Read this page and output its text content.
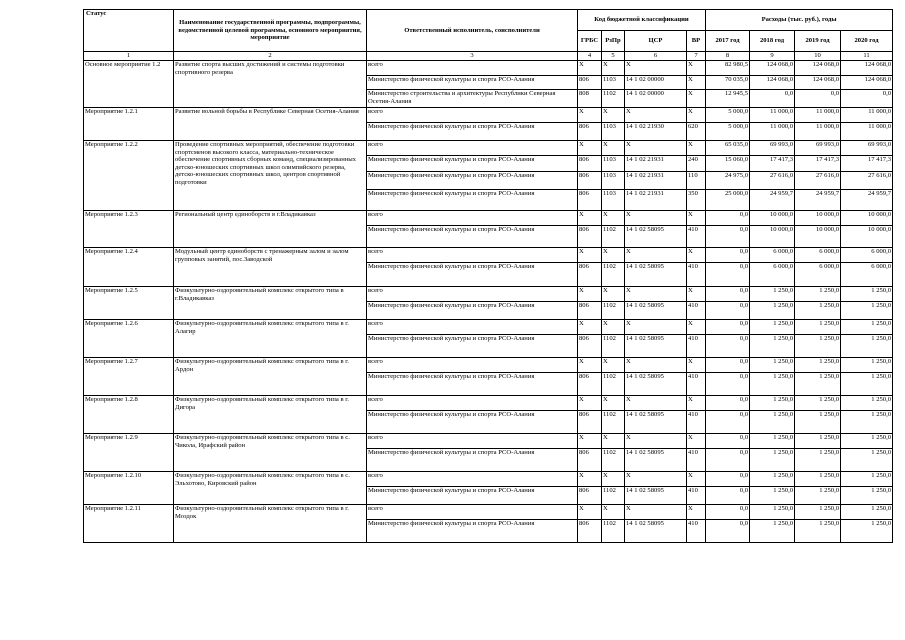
Статус	Наименование государственной программы, подпрограммы, ведомственной целевой программы, основного мероприятия, мероприятие	Ответственный исполнитель, соисполнители	Код бюджетной классификации				Расходы (тыс. руб.), годы			
			ГРБС	РзПр	ЦСР	ВР	2017 год	2018 год	2019 год	2020 год
1	2	3	4	5	6	7	8	9	10	11
Основное мероприятие 1.2	Развитие спорта высших достижений и системы подготовки спортивного резерва	всего	X	X	X	X	82 980,5	124 068,0	124 068,0	124 068,0
		Министерство физической культуры и спорта РСО-Алания	806	1103	14 1 02 00000	X	70 035,0	124 068,0	124 068,0	124 068,0
		Министерство строительства и архитектуры Республики Северная Осетия-Алания	808	1102	14 1 02 00000	X	12 945,5	0,0	0,0	0,0
Мероприятие 1.2.1	Развитие вольной борьбы в Республике Северная Осетия-Алания	всего	X	X	X	X	5 000,0	11 000,0	11 000,0	11 000,0
		Министерство физической культуры и спорта РСО-Алания	806	1103	14 1 02 21930	620	5 000,0	11 000,0	11 000,0	11 000,0
Мероприятие 1.2.2	Проведение спортивных мероприятий, обеспечение подготовки спортсменов высокого класса, материально-техническое обеспечение спортивных сборных команд, специализированных детско-юношеских спортивных школ олимпийского резерва, детско-юношеских спортивных школ, центров спортивной подготовки	всего	X	X	X	X	65 035,0	69 993,0	69 993,0	69 993,0
		Министерство физической культуры и спорта РСО-Алания	806	1103	14 1 02 21931	240	15 060,0	17 417,3	17 417,3	17 417,3
		Министерство физической культуры и спорта РСО-Алания	806	1103	14 1 02 21931	110	24 975,0	27 616,0	27 616,0	27 616,0
		Министерство физической культуры и спорта РСО-Алания	806	1103	14 1 02 21931	350	25 000,0	24 959,7	24 959,7	24 959,7
Мероприятие 1.2.3	Региональный центр единоборств в г.Владикавказ	всего	X	X	X	X	0,0	10 000,0	10 000,0	10 000,0
		Министерство физической культуры и спорта РСО-Алания	806	1102	14 1 02 58095	410	0,0	10 000,0	10 000,0	10 000,0
Мероприятие 1.2.4	Модульный центр единоборств с тренажерным залом и залом групповых занятий, пос.Заводской	всего	X	X	X	X	0,0	6 000,0	6 000,0	6 000,0
		Министерство физической культуры и спорта РСО-Алания	806	1102	14 1 02 58095	410	0,0	6 000,0	6 000,0	6 000,0
Мероприятие 1.2.5	Физкультурно-оздоровительный комплекс открытого типа в г.Владикавказ	всего	X	X	X	X	0,0	1 250,0	1 250,0	1 250,0
		Министерство физической культуры и спорта РСО-Алания	806	1102	14 1 02 58095	410	0,0	1 250,0	1 250,0	1 250,0
Мероприятие 1.2.6	Физкультурно-оздоровительный комплекс открытого типа в г. Алагир	всего	X	X	X	X	0,0	1 250,0	1 250,0	1 250,0
		Министерство физической культуры и спорта РСО-Алания	806	1102	14 1 02 58095	410	0,0	1 250,0	1 250,0	1 250,0
Мероприятие 1.2.7	Физкультурно-оздоровительный комплекс открытого типа в г. Ардон	всего	X	X	X	X	0,0	1 250,0	1 250,0	1 250,0
		Министерство физической культуры и спорта РСО-Алания	806	1102	14 1 02 58095	410	0,0	1 250,0	1 250,0	1 250,0
Мероприятие 1.2.8	Физкультурно-оздоровительный комплекс открытого типа в г. Дигора	всего	X	X	X	X	0,0	1 250,0	1 250,0	1 250,0
		Министерство физической культуры и спорта РСО-Алания	806	1102	14 1 02 58095	410	0,0	1 250,0	1 250,0	1 250,0
Мероприятие 1.2.9	Физкультурно-оздоровительный комплекс открытого типа в с. Чикола, Ирафский район	всего	X	X	X	X	0,0	1 250,0	1 250,0	1 250,0
		Министерство физической культуры и спорта РСО-Алания	806	1102	14 1 02 58095	410	0,0	1 250,0	1 250,0	1 250,0
Мероприятие 1.2.10	Физкультурно-оздоровительный комплекс открытого типа в с. Эльхотово, Кировский район	всего	X	X	X	X	0,0	1 250,0	1 250,0	1 250,0
		Министерство физической культуры и спорта РСО-Алания	806	1102	14 1 02 58095	410	0,0	1 250,0	1 250,0	1 250,0
Мероприятие 1.2.11	Физкультурно-оздоровительный комплекс открытого типа в г. Моздок	всего	X	X	X	X	0,0	1 250,0	1 250,0	1 250,0
		Министерство физической культуры и спорта РСО-Алания	806	1102	14 1 02 58095	410	0,0	1 250,0	1 250,0	1 250,0
